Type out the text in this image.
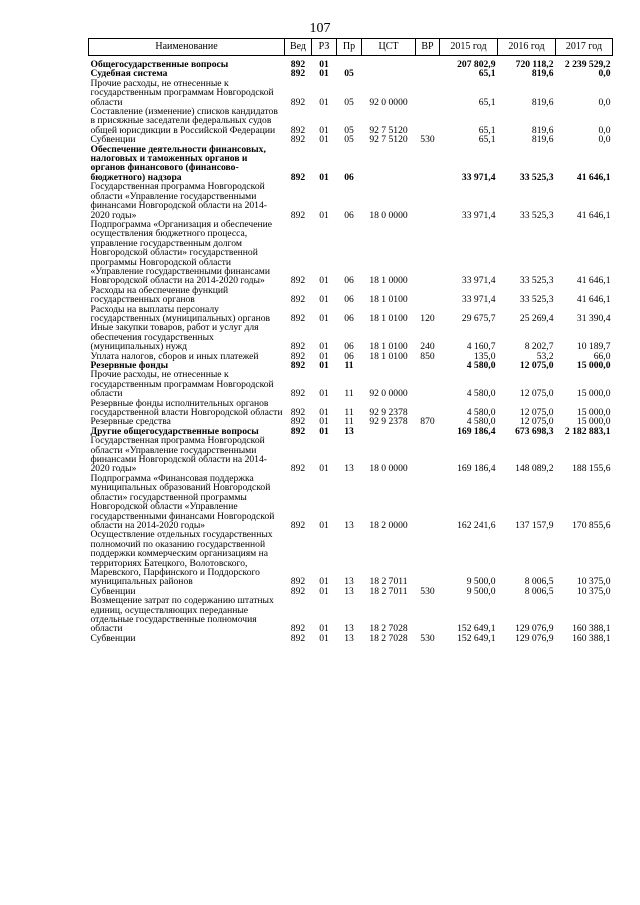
107
Наименование	Вед	РЗ	Пр	ЦСТ	ВР	2015 год	2016 год	2017 год
Общегосударственные вопросы	892	01				207 802,9	720 118,2	2 239 529,2
Судебная система	892	01	05			65,1	819,6	0,0
Прочие расходы, не отнесенные к государственным программам Новгородской области	892	01	05	92 0 0000		65,1	819,6	0,0
Составление (изменение) списков кандидатов в присяжные заседатели федеральных судов общей юрисдикции в Российской Федерации	892	01	05	92 7 5120		65,1	819,6	0,0
Субвенции	892	01	05	92 7 5120	530	65,1	819,6	0,0
Обеспечение деятельности финансовых, налоговых и таможенных органов и органов финансового (финансово-бюджетного) надзора	892	01	06			33 971,4	33 525,3	41 646,1
Государственная программа Новгородской области «Управление государственными финансами Новгородской области на 2014-2020 годы»	892	01	06	18 0 0000		33 971,4	33 525,3	41 646,1
Подпрограмма «Организация и обеспечение осуществления бюджетного процесса, управление государственным долгом Новгородской области» государственной программы Новгородской области «Управление государственными финансами Новгородской области на 2014-2020 годы»	892	01	06	18 1 0000		33 971,4	33 525,3	41 646,1
Расходы на обеспечение функций государственных органов	892	01	06	18 1 0100		33 971,4	33 525,3	41 646,1
Расходы на выплаты персоналу государственных (муниципальных) органов	892	01	06	18 1 0100	120	29 675,7	25 269,4	31 390,4
Иные закупки товаров, работ и услуг для обеспечения государственных (муниципальных) нужд	892	01	06	18 1 0100	240	4 160,7	8 202,7	10 189,7
Уплата налогов, сборов и иных платежей	892	01	06	18 1 0100	850	135,0	53,2	66,0
Резервные фонды	892	01	11			4 580,0	12 075,0	15 000,0
Прочие расходы, не отнесенные к государственным программам Новгородской области	892	01	11	92 0 0000		4 580,0	12 075,0	15 000,0
Резервные фонды исполнительных органов государственной власти Новгородской области	892	01	11	92 9 2378		4 580,0	12 075,0	15 000,0
Резервные средства	892	01	11	92 9 2378	870	4 580,0	12 075,0	15 000,0
Другие общегосударственные вопросы	892	01	13			169 186,4	673 698,3	2 182 883,1
Государственная программа Новгородской области «Управление государственными финансами Новгородской области на 2014-2020 годы»	892	01	13	18 0 0000		169 186,4	148 089,2	188 155,6
Подпрограмма «Финансовая поддержка муниципальных образований Новгородской области» государственной программы Новгородской области «Управление государственными финансами Новгородской области на 2014-2020 годы»	892	01	13	18 2 0000		162 241,6	137 157,9	170 855,6
Осуществление отдельных государственных полномочий по оказанию государственной поддержки коммерческим организациям на территориях Батецкого, Волотовского, Маревского, Парфинского и Поддорского муниципальных районов	892	01	13	18 2 7011		9 500,0	8 006,5	10 375,0
Субвенции	892	01	13	18 2 7011	530	9 500,0	8 006,5	10 375,0
Возмещение затрат по содержанию штатных единиц, осуществляющих переданные отдельные государственные полномочия области	892	01	13	18 2 7028		152 649,1	129 076,9	160 388,1
Субвенции	892	01	13	18 2 7028	530	152 649,1	129 076,9	160 388,1
